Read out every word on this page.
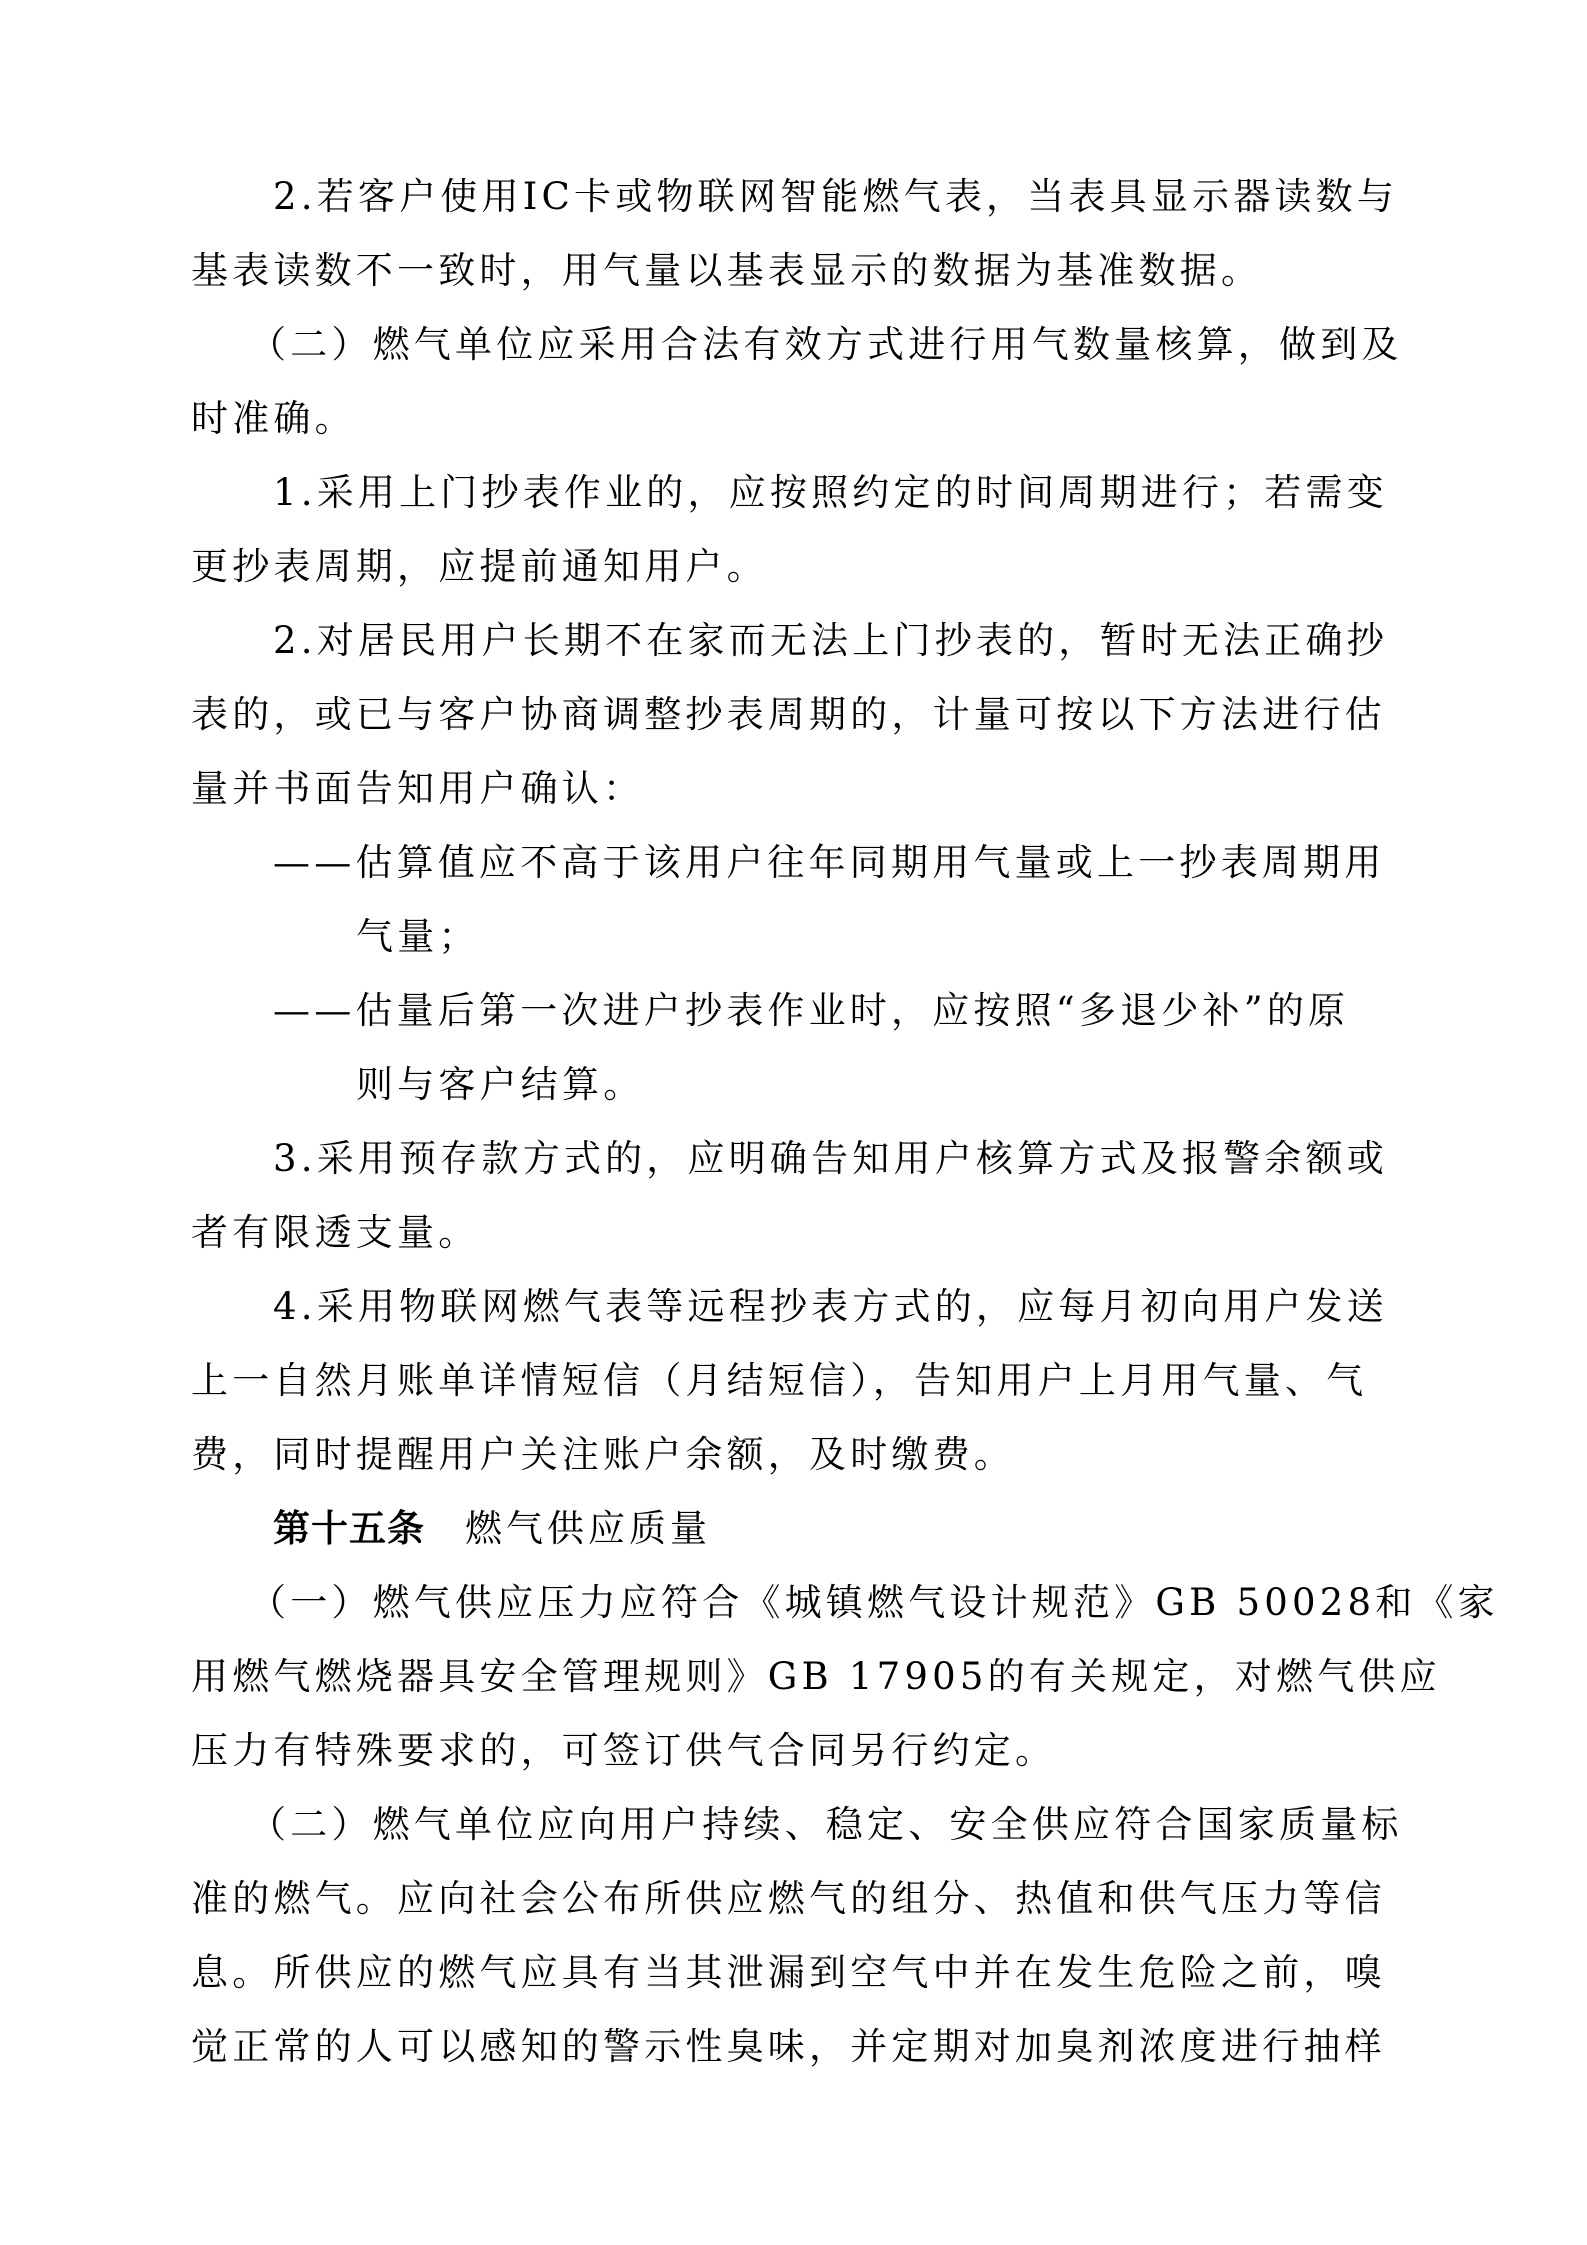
2.若客户使用IC卡或物联网智能燃气表，当表具显示器读数与
基表读数不一致时，用气量以基表显示的数据为基准数据。
（二）燃气单位应采用合法有效方式进行用气数量核算，做到及
时准确。
1.采用上门抄表作业的，应按照约定的时间周期进行；若需变
更抄表周期，应提前通知用户。
2.对居民用户长期不在家而无法上门抄表的，暂时无法正确抄
表的，或已与客户协商调整抄表周期的，计量可按以下方法进行估
量并书面告知用户确认：
——估算值应不高于该用户往年同期用气量或上一抄表周期用
气量；
——估量后第一次进户抄表作业时，应按照“多退少补”的原
则与客户结算。
3.采用预存款方式的，应明确告知用户核算方式及报警余额或
者有限透支量。
4.采用物联网燃气表等远程抄表方式的，应每月初向用户发送
上一自然月账单详情短信（月结短信），告知用户上月用气量、气
费，同时提醒用户关注账户余额，及时缴费。
第十五条 燃气供应质量
（一）燃气供应压力应符合《城镇燃气设计规范》GB 50028和《家
用燃气燃烧器具安全管理规则》GB 17905的有关规定，对燃气供应
压力有特殊要求的，可签订供气合同另行约定。
（二）燃气单位应向用户持续、稳定、安全供应符合国家质量标
准的燃气。应向社会公布所供应燃气的组分、热值和供气压力等信
息。所供应的燃气应具有当其泄漏到空气中并在发生危险之前，嗅
觉正常的人可以感知的警示性臭味，并定期对加臭剂浓度进行抽样
